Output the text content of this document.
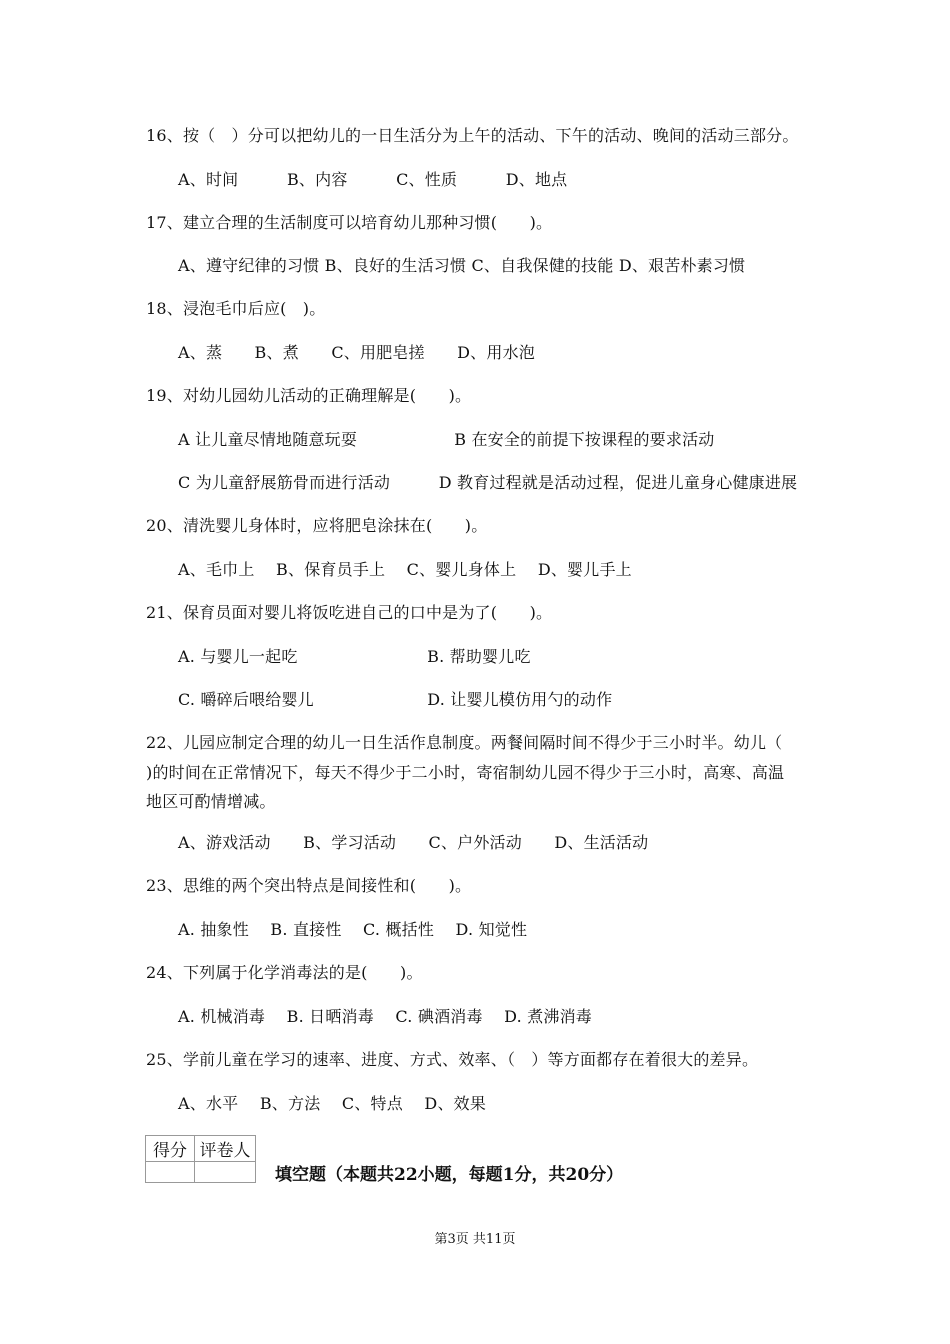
16、按（　）分可以把幼儿的一日生活分为上午的活动、下午的活动、晚间的活动三部分。
A、时间　　　B、内容　　　C、性质　　　D、地点
17、建立合理的生活制度可以培育幼儿那种习惯(　　)。
A、遵守纪律的习惯 B、良好的生活习惯 C、自我保健的技能 D、艰苦朴素习惯
18、浸泡毛巾后应(　)。
A、蒸　　B、煮　　C、用肥皂搓　　D、用水泡
19、对幼儿园幼儿活动的正确理解是(　　)。
A 让儿童尽情地随意玩耍　　　　　　B 在安全的前提下按课程的要求活动
C 为儿童舒展筋骨而进行活动　　　D 教育过程就是活动过程，促进儿童身心健康进展
20、清洗婴儿身体时，应将肥皂涂抹在(　　)。
A、毛巾上　 B、保育员手上　 C、婴儿身体上　 D、婴儿手上
21、保育员面对婴儿将饭吃进自己的口中是为了(　　)。
A. 与婴儿一起吃　　　　　　　　B. 帮助婴儿吃
C. 嚼碎后喂给婴儿　　　　　　　D. 让婴儿模仿用勺的动作
22、儿园应制定合理的幼儿一日生活作息制度。两餐间隔时间不得少于三小时半。幼儿（
)的时间在正常情况下，每天不得少于二小时，寄宿制幼儿园不得少于三小时，高寒、高温
地区可酌情增减。
A、游戏活动　　B、学习活动　　C、户外活动　　D、生活活动
23、思维的两个突出特点是间接性和(　　)。
A. 抽象性　 B. 直接性　 C. 概括性　 D. 知觉性
24、下列属于化学消毒法的是(　　)。
A. 机械消毒　 B. 日晒消毒　 C. 碘酒消毒　 D. 煮沸消毒
25、学前儿童在学习的速率、进度、方式、效率、（　）等方面都存在着很大的差异。
A、水平　 B、方法　 C、特点　 D、效果
得分	评卷人

填空题（本题共22小题，每题1分，共20分）
第3页 共11页
